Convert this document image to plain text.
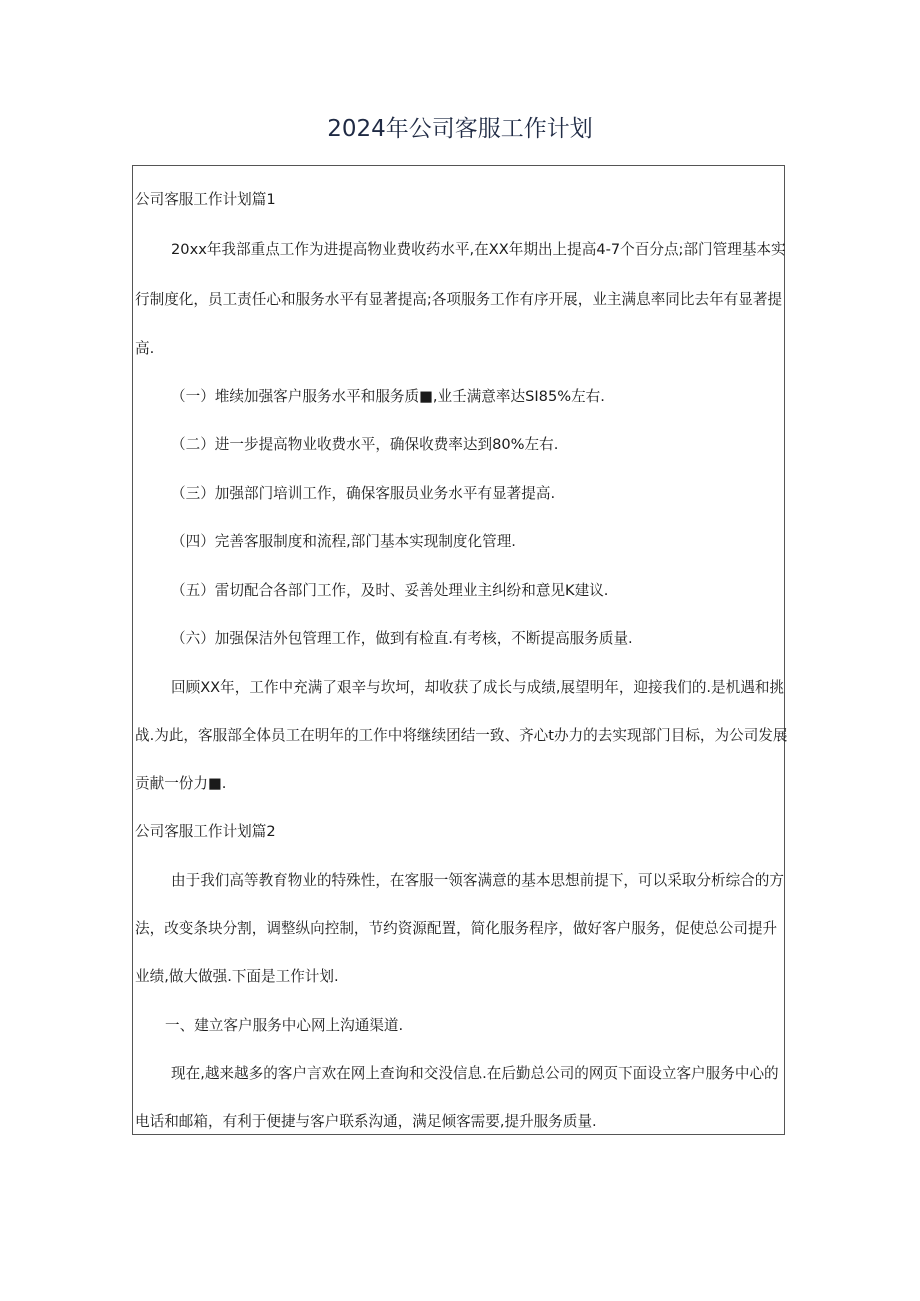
2024年公司客服工作计划
公司客服工作计划篇1
20xx年我部重点工作为进提高物业费收药水平,在XX年期出上提高4-7个百分点;部门管理基本实
行制度化，员工责任心和服务水平有显著提高;各项服务工作有序开展，业主满息率同比去年有显著提
高.
（一）堆续加强客户服务水平和服务质■,业壬满意率达SI85%左右.
（二）进一步提高物业收费水平，确保收费率达到80%左右.
（三）加强部门培训工作，确保客服员业务水平有显著提高.
（四）完善客服制度和流程,部门基本实现制度化管理.
（五）雷切配合各部门工作，及时、妥善处理业主纠纷和意见K建议.
（六）加强保洁外包管理工作，做到有检直.有考核，不断提高服务质量.
回顾XX年，工作中充满了艰辛与坎坷，却收获了成长与成绩,展望明年，迎接我们的.是机遇和挑
战.为此，客服部全体员工在明年的工作中将继续团结一致、齐心t办力的去实现部门目标，为公司发展
贡献一份力■.
公司客服工作计划篇2
由于我们高等教育物业的特殊性，在客服一领客满意的基本思想前提下，可以采取分析综合的方
法，改变条块分割，调整纵向控制，节约资源配置，简化服务程序，做好客户服务，促使总公司提升
业绩,做大做强.下面是工作计划.
一、建立客户服务中心网上沟通渠道.
现在,越来越多的客户言欢在网上查询和交没信息.在后勤总公司的网页下面设立客户服务中心的
电话和邮箱，有利于便捷与客户联系沟通，满足倾客需要,提升服务质量.
